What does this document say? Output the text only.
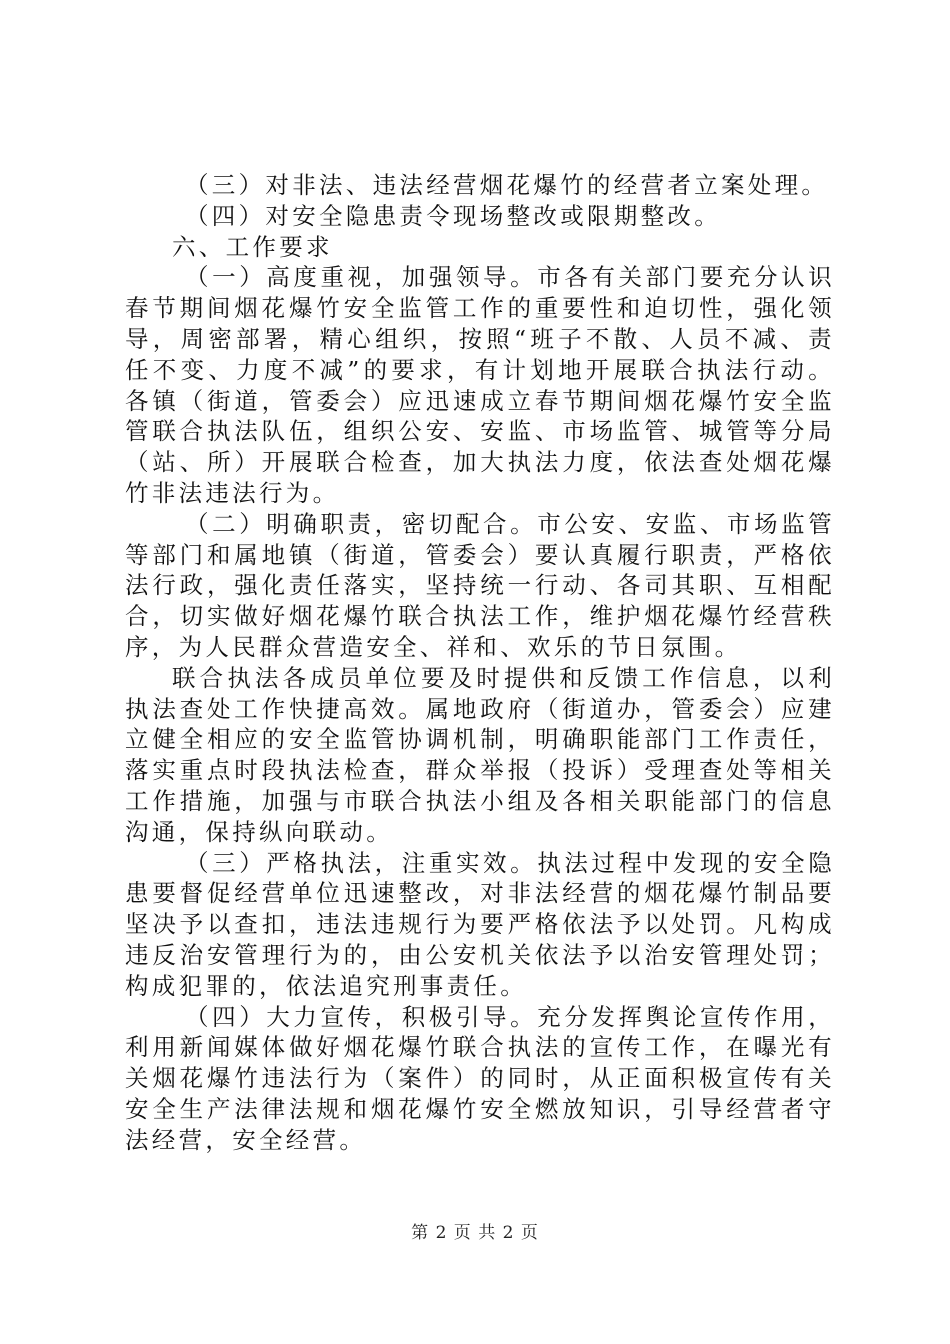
（三）对非法、违法经营烟花爆竹的经营者立案处理。

（四）对安全隐患责令现场整改或限期整改。

六、工作要求

（一）高度重视，加强领导。市各有关部门要充分认识春节期间烟花爆竹安全监管工作的重要性和迫切性，强化领导，周密部署，精心组织，按照“班子不散、人员不减、责任不变、力度不减”的要求，有计划地开展联合执法行动。各镇（街道，管委会）应迅速成立春节期间烟花爆竹安全监管联合执法队伍，组织公安、安监、市场监管、城管等分局（站、所）开展联合检查，加大执法力度，依法查处烟花爆竹非法违法行为。

（二）明确职责，密切配合。市公安、安监、市场监管等部门和属地镇（街道，管委会）要认真履行职责，严格依法行政，强化责任落实，坚持统一行动、各司其职、互相配合，切实做好烟花爆竹联合执法工作，维护烟花爆竹经营秩序，为人民群众营造安全、祥和、欢乐的节日氛围。

联合执法各成员单位要及时提供和反馈工作信息，以利执法查处工作快捷高效。属地政府（街道办，管委会）应建立健全相应的安全监管协调机制，明确职能部门工作责任，落实重点时段执法检查，群众举报（投诉）受理查处等相关工作措施，加强与市联合执法小组及各相关职能部门的信息沟通，保持纵向联动。

（三）严格执法，注重实效。执法过程中发现的安全隐患要督促经营单位迅速整改，对非法经营的烟花爆竹制品要坚决予以查扣，违法违规行为要严格依法予以处罚。凡构成违反治安管理行为的，由公安机关依法予以治安管理处罚；构成犯罪的，依法追究刑事责任。

（四）大力宣传，积极引导。充分发挥舆论宣传作用，利用新闻媒体做好烟花爆竹联合执法的宣传工作，在曝光有关烟花爆竹违法行为（案件）的同时，从正面积极宣传有关安全生产法律法规和烟花爆竹安全燃放知识，引导经营者守法经营，安全经营。

第 2 页 共 2 页
